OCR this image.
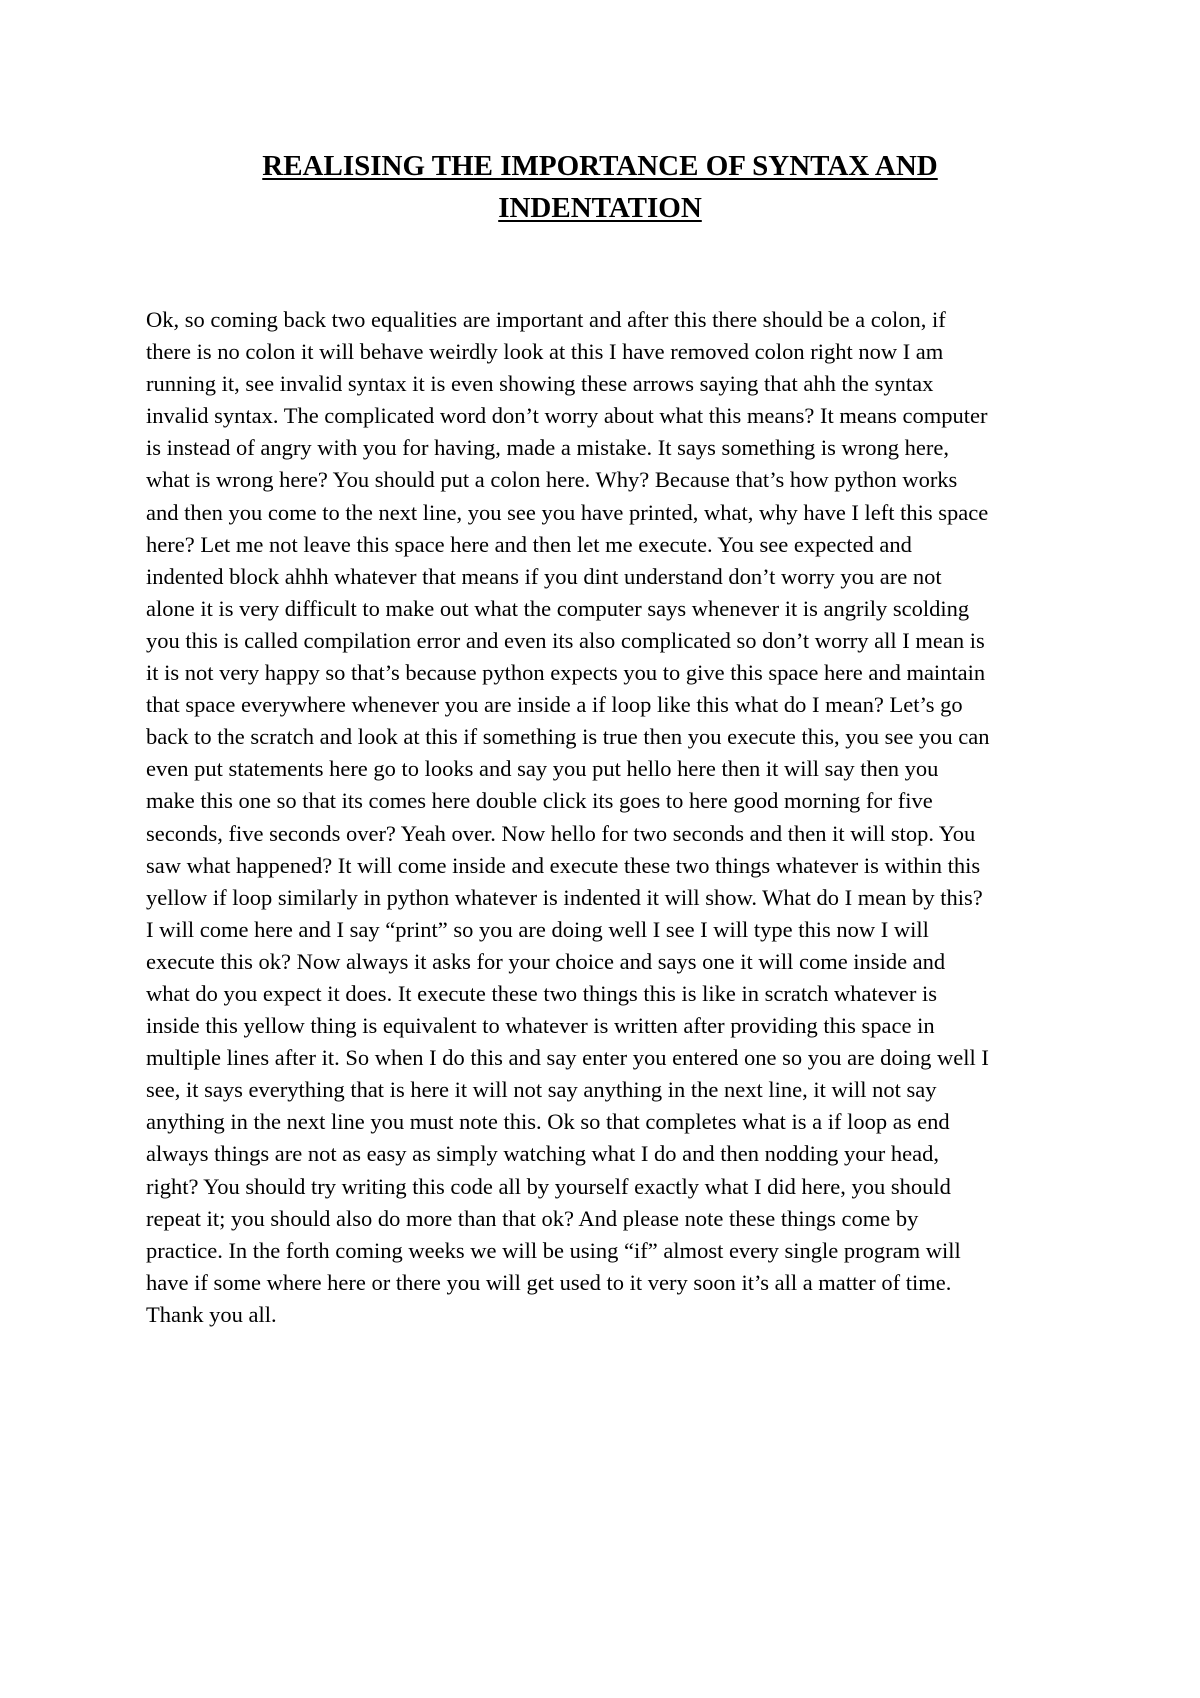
REALISING THE IMPORTANCE OF SYNTAX AND
INDENTATION
Ok, so coming back two equalities are important and after this there should be a colon, if
there is no colon it will behave weirdly look at this I have removed colon right now I am
running it, see invalid syntax it is even showing these arrows saying that ahh the syntax
invalid syntax. The complicated word don’t worry about what this means? It means computer
is instead of angry with you for having, made a mistake. It says something is wrong here,
what is wrong here? You should put a colon here. Why? Because that’s how python works
and then you come to the next line, you see you have printed, what, why have I left this space
here? Let me not leave this space here and then let me execute. You see expected and
indented block ahhh whatever that means if you dint understand don’t worry you are not
alone it is very difficult to make out what the computer says whenever it is angrily scolding
you this is called compilation error and even its also complicated so don’t worry all I mean is
it is not very happy so that’s because python expects you to give this space here and maintain
that space everywhere whenever you are inside a if loop like this what do I mean? Let’s go
back to the scratch and look at this if something is true then you execute this, you see you can
even put statements here go to looks and say you put hello here then it will say then you
make this one so that its comes here double click its goes to here good morning for five
seconds, five seconds over? Yeah over. Now hello for two seconds and then it will stop. You
saw what happened? It will come inside and execute these two things whatever is within this
yellow if loop similarly in python whatever is indented it will show. What do I mean by this?
I will come here and I say “print” so you are doing well I see I will type this now I will
execute this ok? Now always it asks for your choice and says one it will come inside and
what do you expect it does. It execute these two things this is like in scratch whatever is
inside this yellow thing is equivalent to whatever is written after providing this space in
multiple lines after it. So when I do this and say enter you entered one so you are doing well I
see, it says everything that is here it will not say anything in the next line, it will not say
anything in the next line you must note this. Ok so that completes what is a if loop as end
always things are not as easy as simply watching what I do and then nodding your head,
right? You should try writing this code all by yourself exactly what I did here, you should
repeat it; you should also do more than that ok? And please note these things come by
practice. In the forth coming weeks we will be using “if” almost every single program will
have if some where here or there you will get used to it very soon it’s all a matter of time.
Thank you all.
